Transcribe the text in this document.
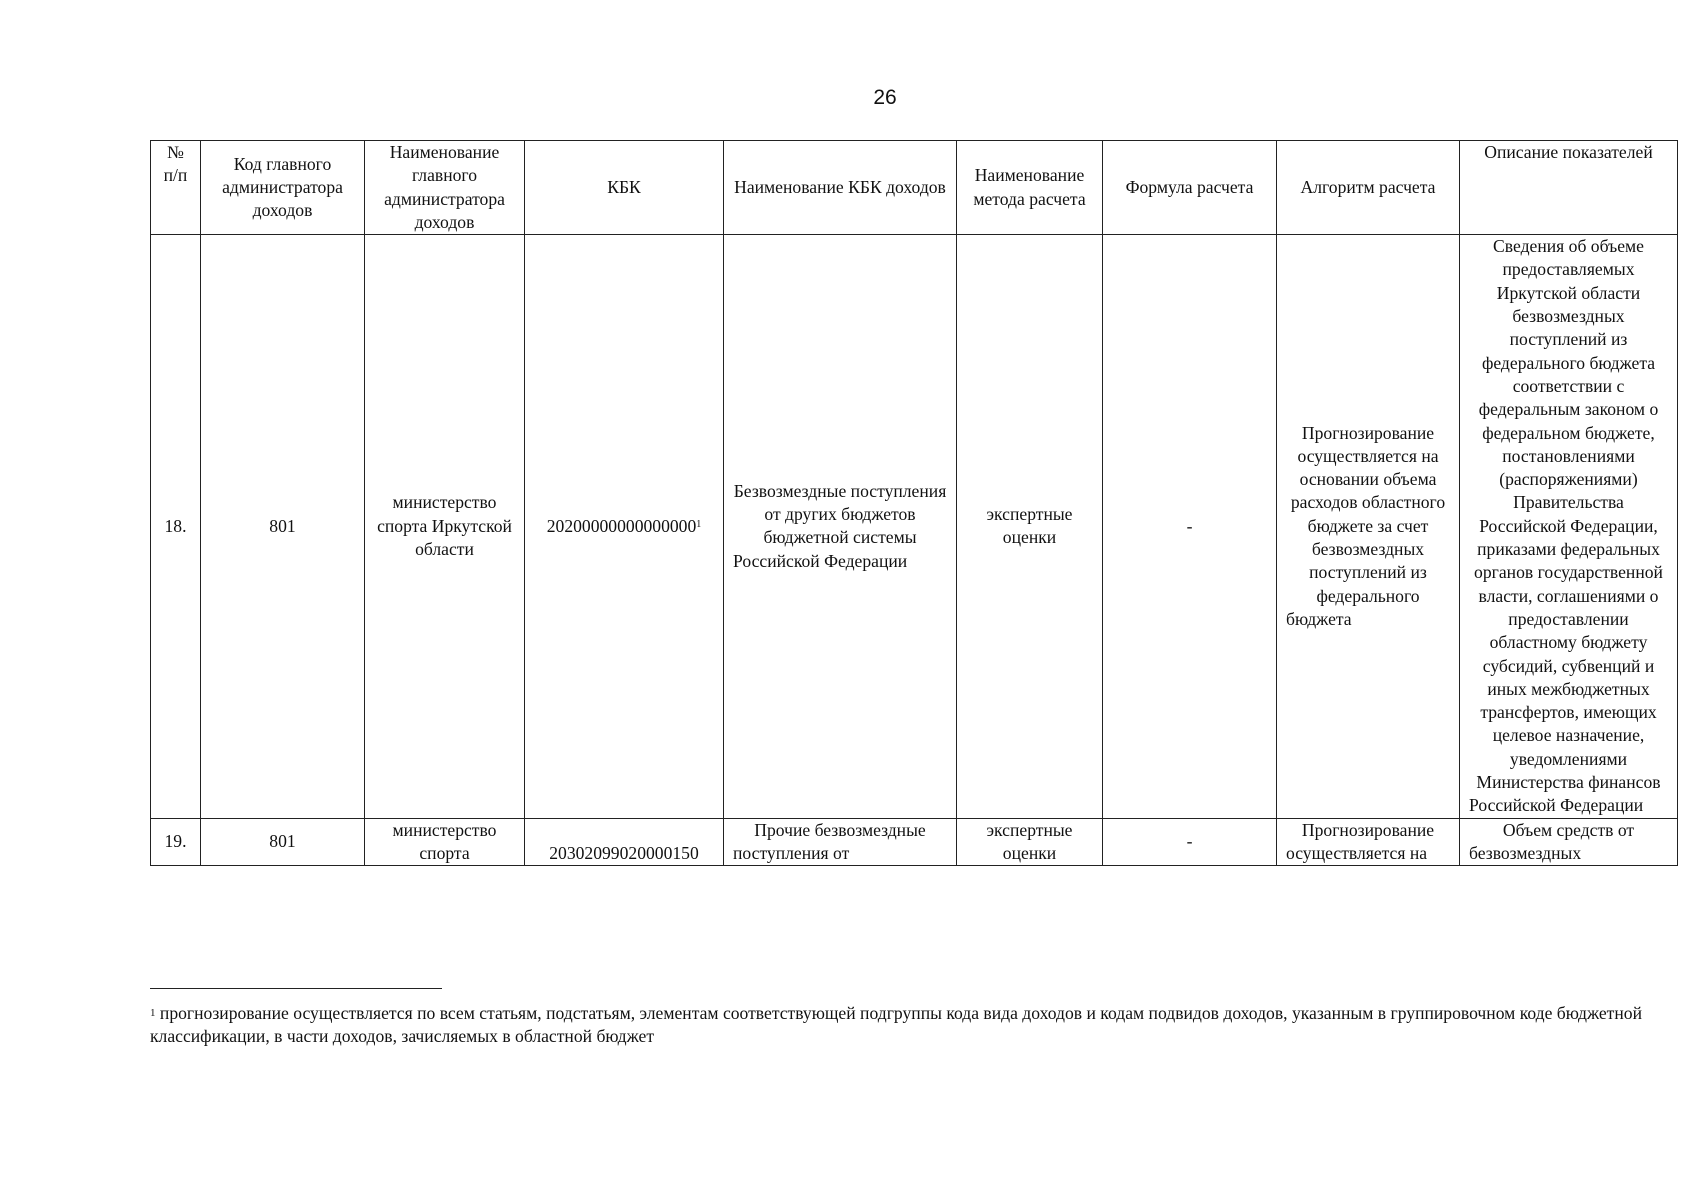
26
№ п/п	Код главного администратора доходов	Наименование главного администратора доходов	КБК	Наименование КБК доходов	Наименование метода расчета	Формула расчета	Алгоритм расчета	Описание показателей
18.	801	министерство спорта Иркутской области	20200000000000000$^1$	Безвозмездные поступления от других бюджетов бюджетной системы Российской Федерации	экспертные оценки	-	Прогнозирование осуществляется на основании объема расходов областного бюджете за счет безвозмездных поступлений из федерального бюджета	Сведения об объеме предоставляемых Иркутской области безвозмездных поступлений из федерального бюджета соответствии с федеральным законом о федеральном бюджете, постановлениями (распоряжениями) Правительства Российской Федерации, приказами федеральных органов государственной власти, соглашениями о предоставлении областному бюджету субсидий, субвенций и иных межбюджетных трансфертов, имеющих целевое назначение, уведомлениями Министерства финансов Российской Федерации
19.	801	министерство спорта	20302099020000150	Прочие безвозмездные поступления от	экспертные оценки	-	Прогнозирование осуществляется на	Объем средств от безвозмездных
$^1$ прогнозирование осуществляется по всем статьям, подстатьям, элементам соответствующей подгруппы кода вида доходов и кодам подвидов доходов, указанным в группировочном коде бюджетной классификации, в части доходов, зачисляемых в областной бюджет
